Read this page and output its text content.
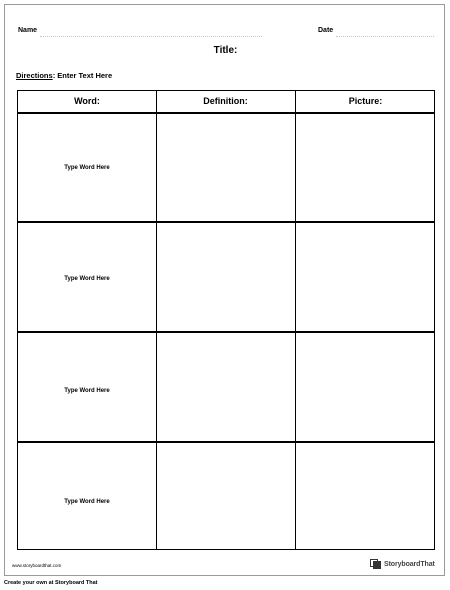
Name	Date
Title:
Directions: Enter Text Here
Word:	Definition:	Picture:
Type Word Here
Type Word Here
Type Word Here
Type Word Here
www.storyboardthat.com	StoryboardThat
Create your own at Storyboard That
